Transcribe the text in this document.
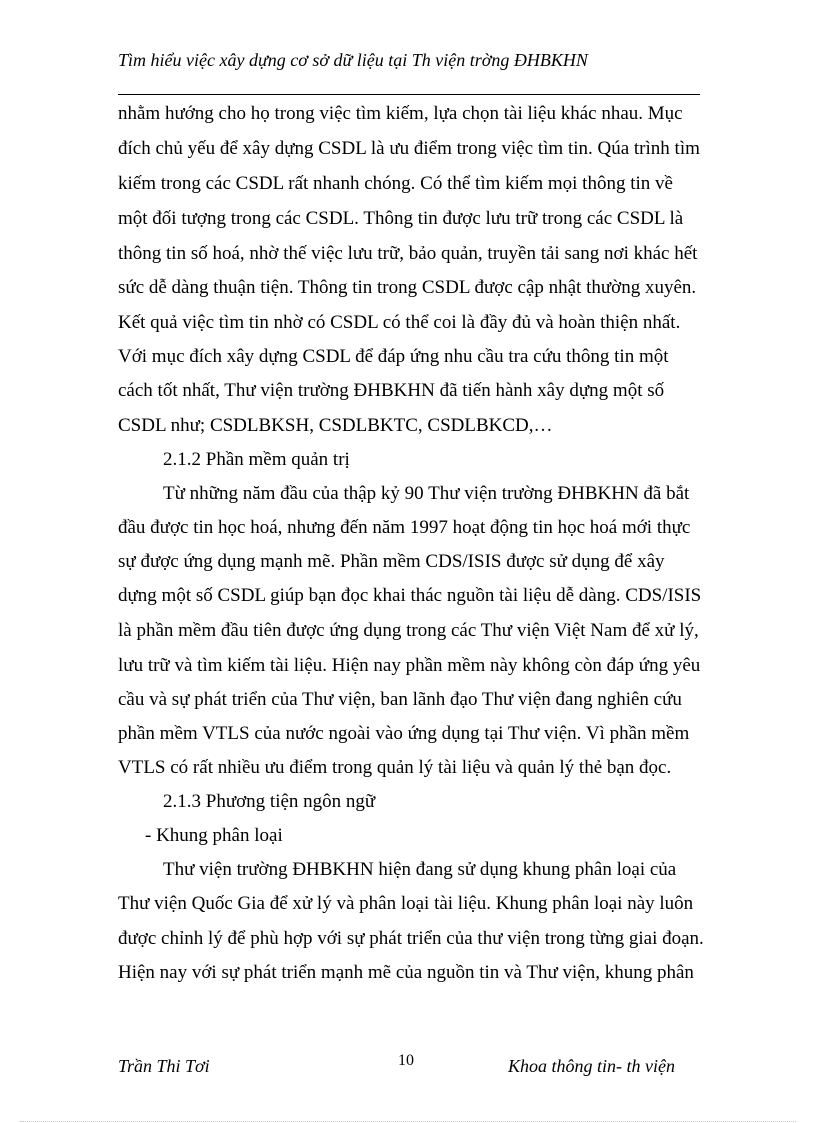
Tìm hiểu việc xây dựng cơ sở dữ liệu tại Th viện trờng ĐHBKHN
nhằm hướng cho họ trong việc tìm kiếm, lựa chọn tài liệu khác nhau. Mục
đích chủ yếu để xây dựng CSDL là ưu điểm trong việc tìm tin. Qúa trình tìm
kiếm trong các CSDL rất nhanh chóng. Có thể tìm kiếm mọi thông tin về
một đối tượng trong các CSDL. Thông tin được lưu trữ trong các CSDL là
thông tin số hoá, nhờ thế việc lưu trữ, bảo quản, truyền tải sang nơi khác hết
sức dễ dàng thuận tiện. Thông tin trong CSDL được cập nhật thường xuyên.
Kết quả việc tìm tin nhờ có CSDL có thể coi là đầy đủ và hoàn thiện nhất.
Với mục đích xây dựng CSDL để đáp ứng nhu cầu tra cứu thông tin một
cách tốt nhất, Thư viện trường ĐHBKHN đã tiến hành xây dựng một số
CSDL như; CSDLBKSH, CSDLBKTC, CSDLBKCD,…
2.1.2 Phần mềm quản trị
Từ những năm đầu của thập kỷ 90 Thư viện trường ĐHBKHN đã bắt
đầu được tin học hoá, nhưng đến năm 1997 hoạt động tin học hoá mới thực
sự được ứng dụng mạnh mẽ. Phần mềm CDS/ISIS được sử dụng để xây
dựng một số CSDL giúp bạn đọc khai thác nguồn tài liệu dễ dàng. CDS/ISIS
là phần mềm đầu tiên được ứng dụng trong các Thư viện Việt Nam để xử lý,
lưu trữ và tìm kiếm tài liệu. Hiện nay phần mềm này không còn đáp ứng yêu
cầu và sự phát triển của Thư viện, ban lãnh đạo Thư viện đang nghiên cứu
phần mềm VTLS của nước ngoài vào ứng dụng tại Thư viện. Vì phần mềm
VTLS có rất nhiều ưu điểm trong quản lý tài liệu và quản lý thẻ bạn đọc.
2.1.3 Phương tiện ngôn ngữ
- Khung phân loại
Thư viện trường ĐHBKHN hiện đang sử dụng khung phân loại của
Thư viện Quốc Gia để xử lý và phân loại tài liệu. Khung phân loại này luôn
được chỉnh lý để phù hợp với sự phát triển của thư viện trong từng giai đoạn.
Hiện nay với sự phát triển mạnh mẽ của nguồn tin và Thư viện, khung phân
Trần Thi Tơi	10	Khoa thông tin- th viện
